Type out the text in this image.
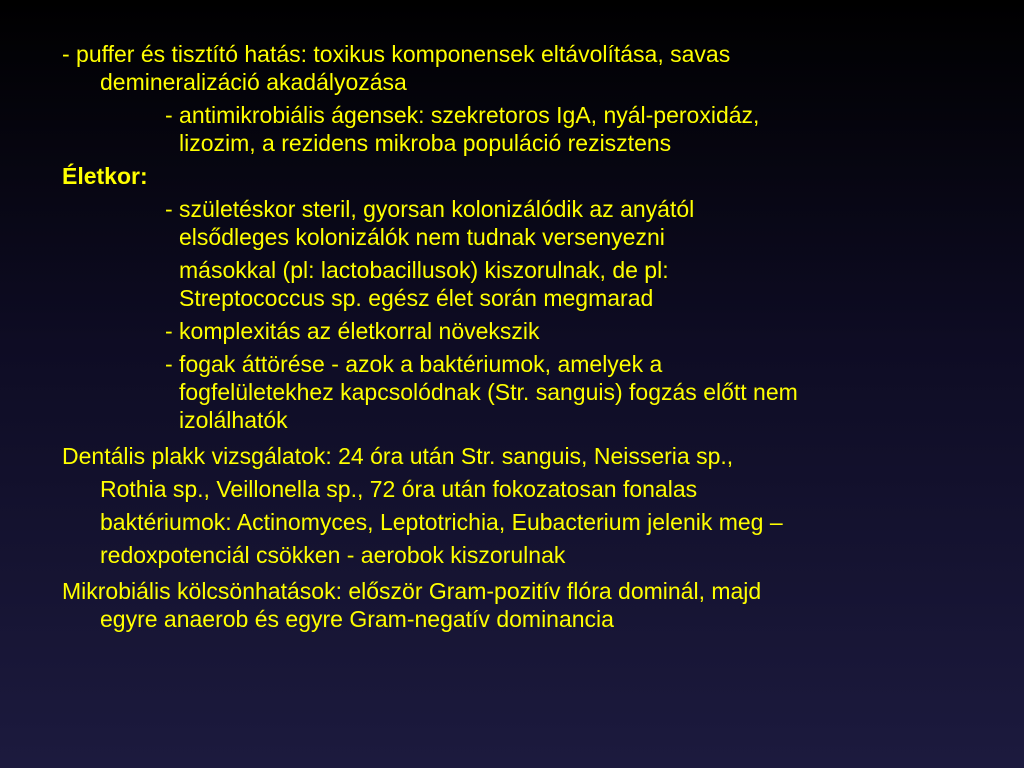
- puffer és tisztító hatás: toxikus komponensek eltávolítása, savas

demineralizáció akadályozása

- antimikrobiális ágensek: szekretoros IgA, nyál-peroxidáz,

lizozim, a rezidens mikroba populáció rezisztens

Életkor:

- születéskor steril, gyorsan kolonizálódik az anyától

elsődleges kolonizálók nem tudnak versenyezni

másokkal (pl: lactobacillusok) kiszorulnak, de pl:

Streptococcus sp. egész élet során megmarad

- komplexitás az életkorral növekszik

- fogak áttörése - azok a baktériumok, amelyek a

fogfelületekhez kapcsolódnak (Str. sanguis) fogzás előtt nem

izolálhatók

Dentális plakk vizsgálatok: 24 óra után Str. sanguis, Neisseria sp.,

Rothia sp., Veillonella sp., 72 óra után fokozatosan fonalas

baktériumok: Actinomyces, Leptotrichia, Eubacterium jelenik meg –

redoxpotenciál csökken - aerobok kiszorulnak

Mikrobiális kölcsönhatások: először Gram-pozitív flóra dominál, majd

egyre anaerob és egyre Gram-negatív dominancia
